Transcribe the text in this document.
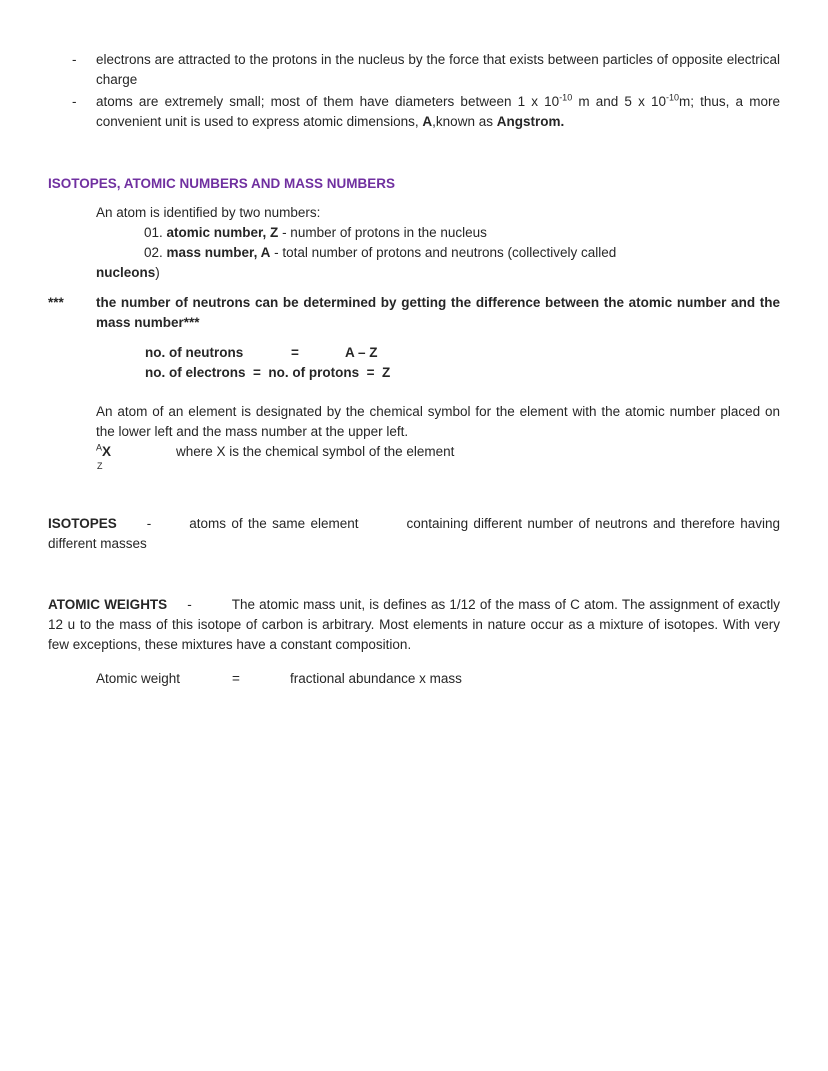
-	electrons are attracted to the protons in the nucleus by the force that exists between particles of opposite electrical charge

-	atoms are extremely small; most of them have diameters between 1 x $10^{-10}$ m and 5 x $10^{-10}m$; thus, a more convenient unit is used to express atomic dimensions, A,known as Angstrom.

ISOTOPES, ATOMIC NUMBERS AND MASS NUMBERS

An atom is identified by two numbers:

01. atomic number, Z - number of protons in the nucleus
02. mass number, A - total number of protons and neutrons (collectively called
nucleons)
***	the number of neutrons can be determined by getting the difference between the atomic number and the mass number***

no. of neutrons	=	A – Z
no. of electrons  =  no. of protons  =  Z

An atom of an element is designated by the chemical symbol for the element with the atomic number placed on the lower left and the mass number at the upper left.

$^A$X	where X is the chemical symbol of the element
Z

ISOTOPES -	atoms of the same element	containing different number of neutrons and therefore having different masses

ATOMIC WEIGHTS -	The atomic mass unit, is defines as 1/12 of the mass of C atom. The assignment of exactly 12 u to the mass of this isotope of carbon is arbitrary. Most elements in nature occur as a mixture of isotopes. With very few exceptions, these mixtures have a constant composition.

Atomic weight	=	fractional abundance x mass
